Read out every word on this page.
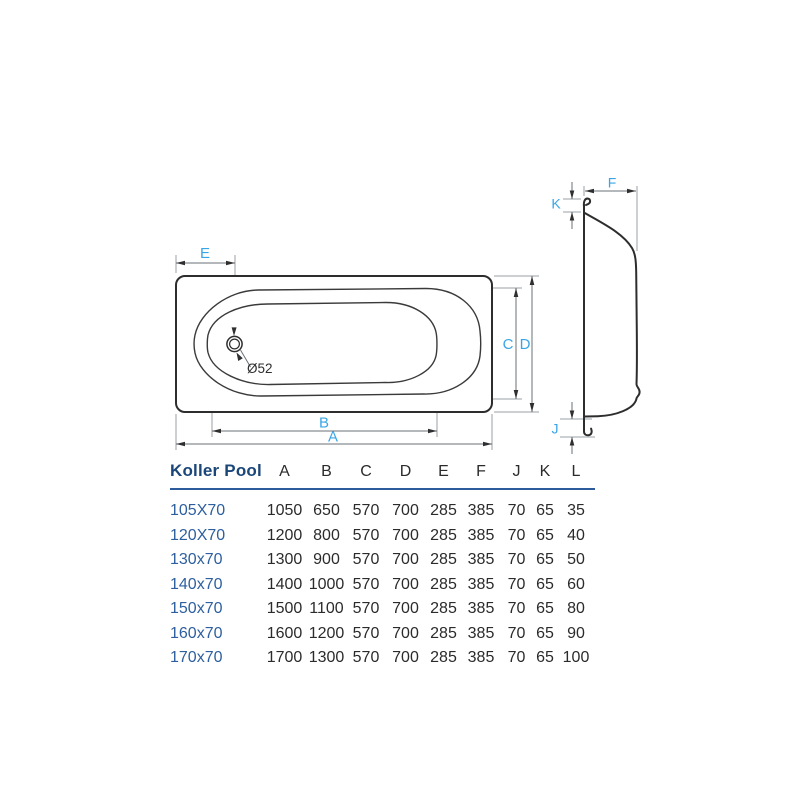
E
B
A
C D
Ø52
F
K
J
Koller Pool	A	B	C	D	E	F	J	K	L
105X70	1050	650	570	700	285	385	70	65	35
120X70	1200	800	570	700	285	385	70	65	40
130x70	1300	900	570	700	285	385	70	65	50
140x70	1400	1000	570	700	285	385	70	65	60
150x70	1500	1100	570	700	285	385	70	65	80
160x70	1600	1200	570	700	285	385	70	65	90
170x70	1700	1300	570	700	285	385	70	65	100
